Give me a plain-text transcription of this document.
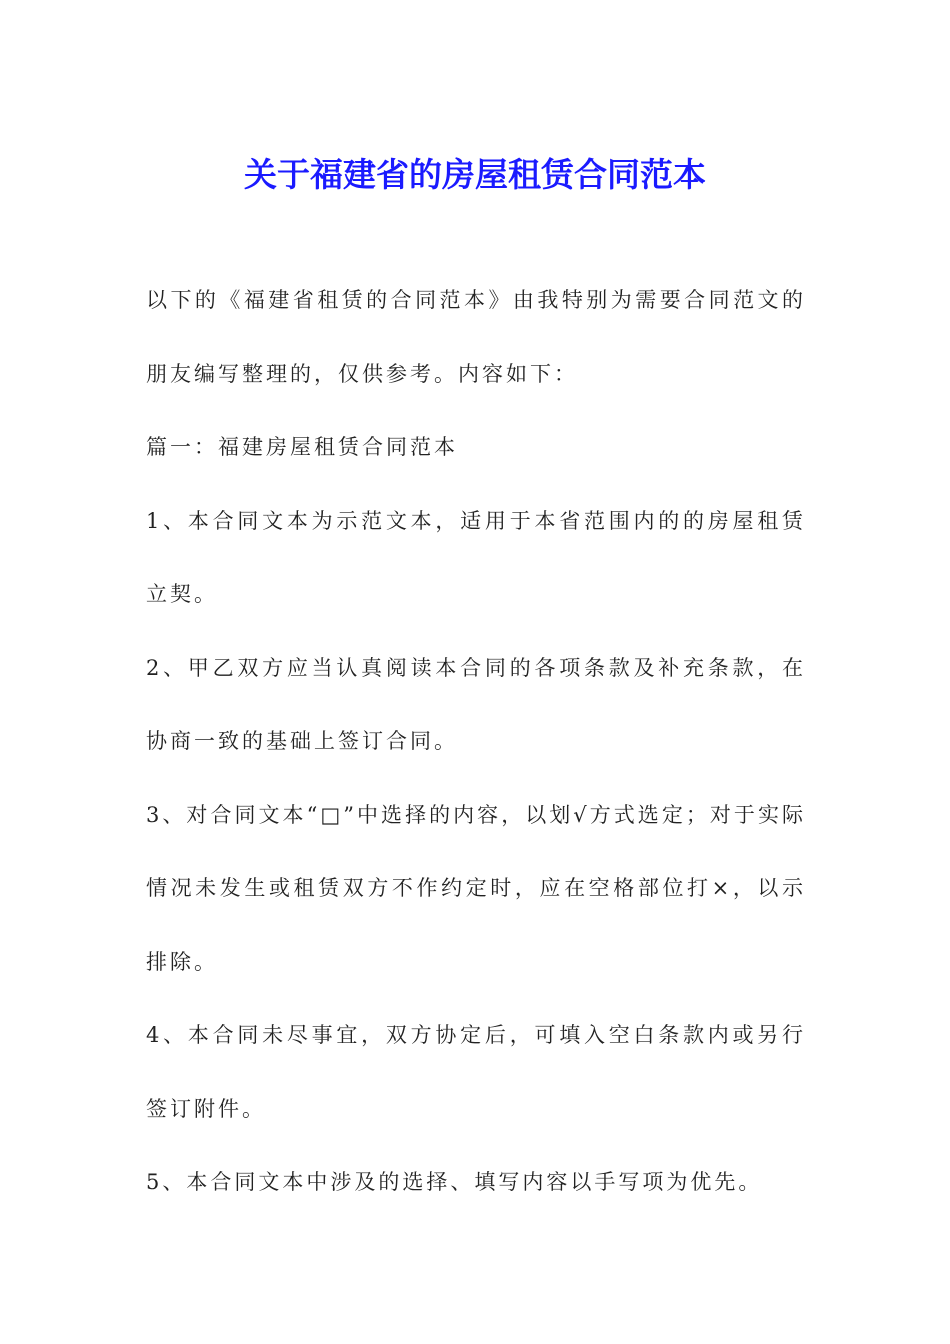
关于福建省的房屋租赁合同范本

以下的《福建省租赁的合同范本》由我特别为需要合同范文的朋友编写整理的，仅供参考。内容如下：

篇一：福建房屋租赁合同范本

1、本合同文本为示范文本，适用于本省范围内的的房屋租赁立契。

2、甲乙双方应当认真阅读本合同的各项条款及补充条款，在协商一致的基础上签订合同。

3、对合同文本“□”中选择的内容，以划√方式选定；对于实际情况未发生或租赁双方不作约定时，应在空格部位打×，以示排除。

4、本合同未尽事宜，双方协定后，可填入空白条款内或另行签订附件。

5、本合同文本中涉及的选择、填写内容以手写项为优先。
